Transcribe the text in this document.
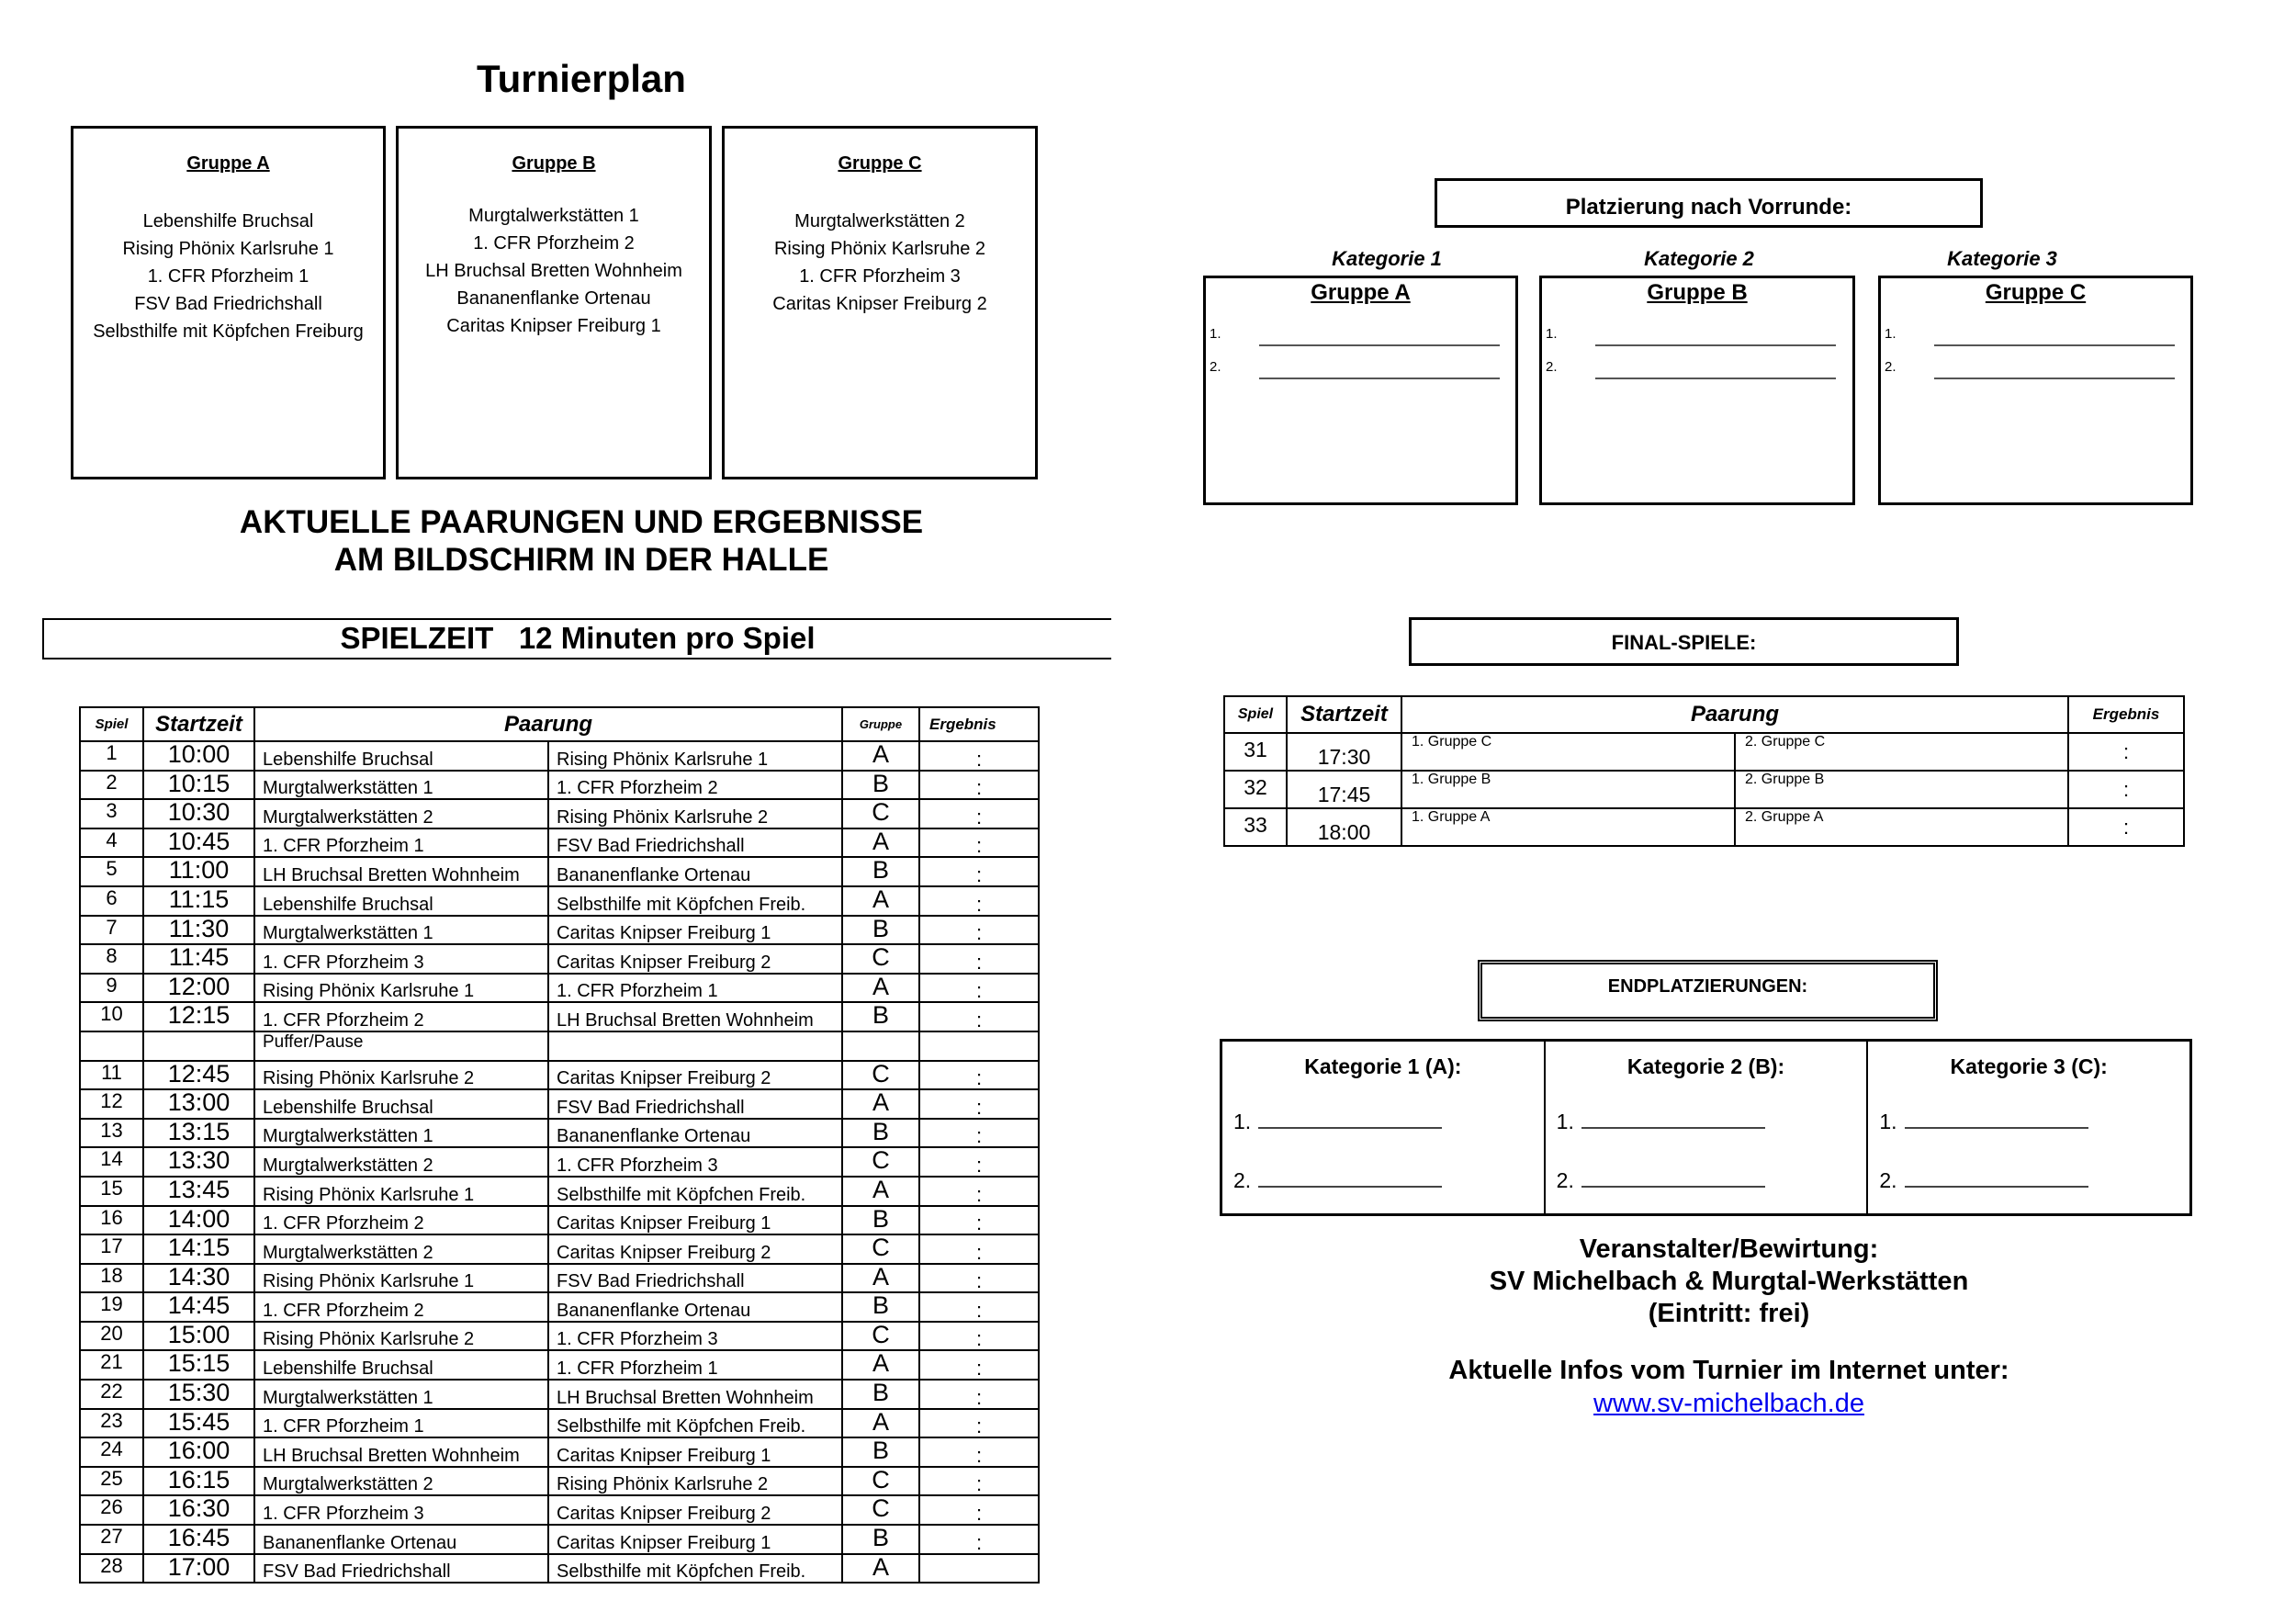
Turnierplan
Gruppe A
Lebenshilfe Bruchsal
Rising Phönix Karlsruhe 1
1. CFR Pforzheim 1
FSV Bad Friedrichshall
Selbsthilfe mit Köpfchen Freiburg
Gruppe B
Murgtalwerkstätten 1
1. CFR Pforzheim 2
LH Bruchsal Bretten Wohnheim
Bananenflanke Ortenau
Caritas Knipser Freiburg 1
Gruppe C
Murgtalwerkstätten 2
Rising Phönix Karlsruhe 2
1. CFR Pforzheim 3
Caritas Knipser Freiburg 2
AKTUELLE PAARUNGEN UND ERGEBNISSE
AM BILDSCHIRM IN DER HALLE
SPIELZEIT   12 Minuten pro Spiel
Spiel	Startzeit	Paarung		Gruppe	Ergebnis
1	10:00	Lebenshilfe Bruchsal	Rising Phönix Karlsruhe 1	A	:
2	10:15	Murgtalwerkstätten 1	1. CFR Pforzheim 2	B	:
3	10:30	Murgtalwerkstätten 2	Rising Phönix Karlsruhe 2	C	:
4	10:45	1. CFR Pforzheim 1	FSV Bad Friedrichshall	A	:
5	11:00	LH Bruchsal Bretten Wohnheim	Bananenflanke Ortenau	B	:
6	11:15	Lebenshilfe Bruchsal	Selbsthilfe mit Köpfchen Freib.	A	:
7	11:30	Murgtalwerkstätten 1	Caritas Knipser Freiburg 1	B	:
8	11:45	1. CFR Pforzheim 3	Caritas Knipser Freiburg 2	C	:
9	12:00	Rising Phönix Karlsruhe 1	1. CFR Pforzheim 1	A	:
10	12:15	1. CFR Pforzheim 2	LH Bruchsal Bretten Wohnheim	B	:
		Puffer/Pause			
11	12:45	Rising Phönix Karlsruhe 2	Caritas Knipser Freiburg 2	C	:
12	13:00	Lebenshilfe Bruchsal	FSV Bad Friedrichshall	A	:
13	13:15	Murgtalwerkstätten 1	Bananenflanke Ortenau	B	:
14	13:30	Murgtalwerkstätten 2	1. CFR Pforzheim 3	C	:
15	13:45	Rising Phönix Karlsruhe 1	Selbsthilfe mit Köpfchen Freib.	A	:
16	14:00	1. CFR Pforzheim 2	Caritas Knipser Freiburg 1	B	:
17	14:15	Murgtalwerkstätten 2	Caritas Knipser Freiburg 2	C	:
18	14:30	Rising Phönix Karlsruhe 1	FSV Bad Friedrichshall	A	:
19	14:45	1. CFR Pforzheim 2	Bananenflanke Ortenau	B	:
20	15:00	Rising Phönix Karlsruhe 2	1. CFR Pforzheim 3	C	:
21	15:15	Lebenshilfe Bruchsal	1. CFR Pforzheim 1	A	:
22	15:30	Murgtalwerkstätten 1	LH Bruchsal Bretten Wohnheim	B	:
23	15:45	1. CFR Pforzheim 1	Selbsthilfe mit Köpfchen Freib.	A	:
24	16:00	LH Bruchsal Bretten Wohnheim	Caritas Knipser Freiburg 1	B	:
25	16:15	Murgtalwerkstätten 2	Rising Phönix Karlsruhe 2	C	:
26	16:30	1. CFR Pforzheim 3	Caritas Knipser Freiburg 2	C	:
27	16:45	Bananenflanke Ortenau	Caritas Knipser Freiburg 1	B	:
28	17:00	FSV Bad Friedrichshall	Selbsthilfe mit Köpfchen Freib.	A	
Platzierung nach Vorrunde:
Kategorie 1	Kategorie 2	Kategorie 3
Gruppe A
1.
2.
Gruppe B
1.
2.
Gruppe C
1.
2.
FINAL-SPIELE:
Spiel	Startzeit	Paarung		Ergebnis
31	17:30	1. Gruppe C	2. Gruppe C	:
32	17:45	1. Gruppe B	2. Gruppe B	:
33	18:00	1. Gruppe A	2. Gruppe A	:
ENDPLATZIERUNGEN:
Kategorie 1 (A):
1.
2.
Kategorie 2 (B):
1.
2.
Kategorie 3 (C):
1.
2.
Veranstalter/Bewirtung:
SV Michelbach & Murgtal-Werkstätten
(Eintritt: frei)
Aktuelle Infos vom Turnier im Internet unter:
www.sv-michelbach.de
